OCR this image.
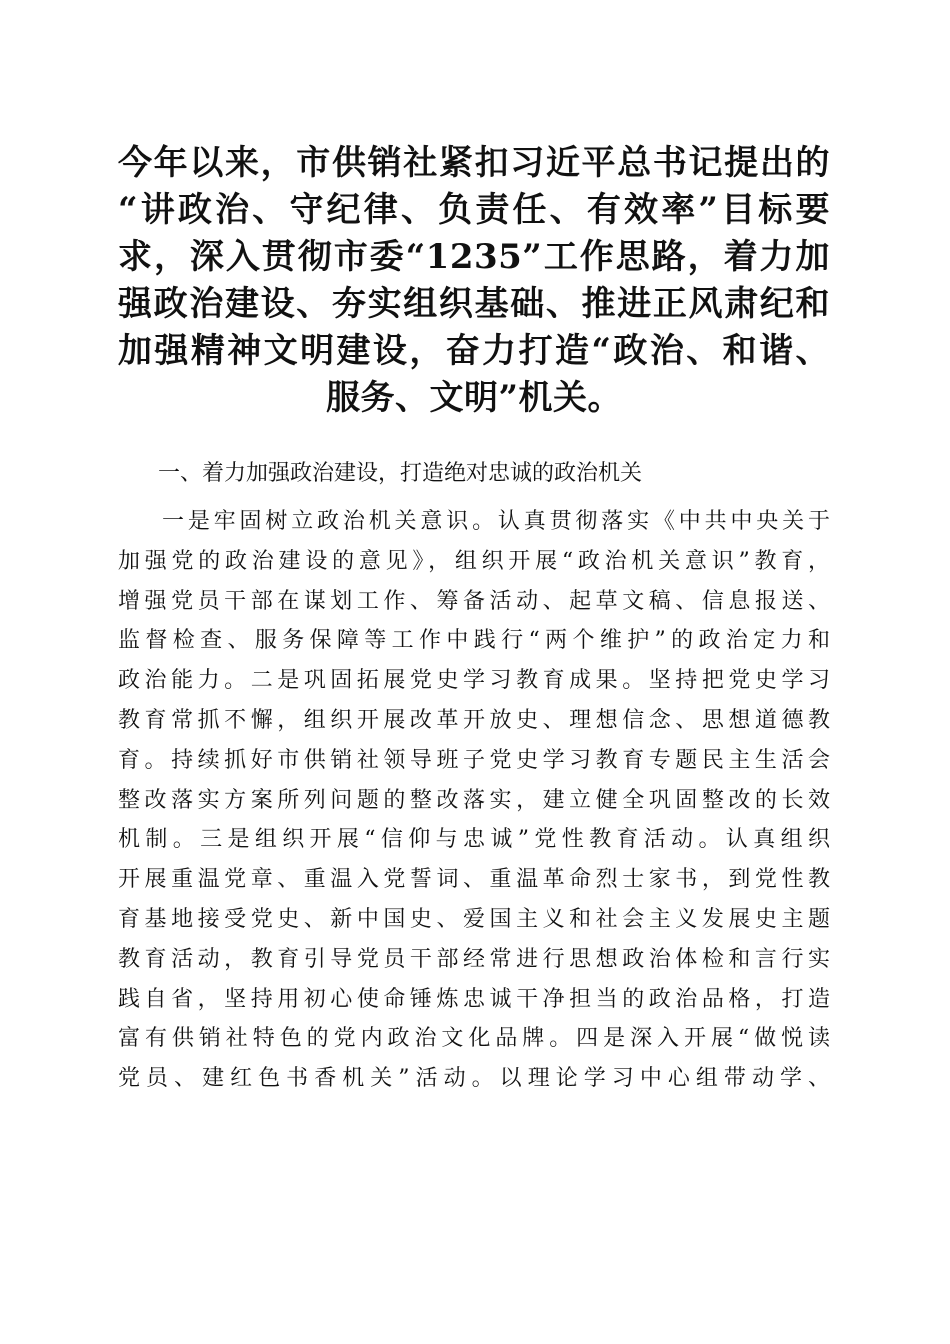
今年以来，市供销社紧扣习近平总书记提出的
“讲政治、守纪律、负责任、有效率”目标要
求，深入贯彻市委“1235”工作思路，着力加
强政治建设、夯实组织基础、推进正风肃纪和
加强精神文明建设，奋力打造“政治、和谐、
服务、文明”机关。
一、着力加强政治建设，打造绝对忠诚的政治机关
一是牢固树立政治机关意识。认真贯彻落实《中共中央关于
加强党的政治建设的意见》，组织开展“政治机关意识”教育，
增强党员干部在谋划工作、筹备活动、起草文稿、信息报送、
监督检查、服务保障等工作中践行“两个维护”的政治定力和
政治能力。二是巩固拓展党史学习教育成果。坚持把党史学习
教育常抓不懈，组织开展改革开放史、理想信念、思想道德教
育。持续抓好市供销社领导班子党史学习教育专题民主生活会
整改落实方案所列问题的整改落实，建立健全巩固整改的长效
机制。三是组织开展“信仰与忠诚”党性教育活动。认真组织
开展重温党章、重温入党誓词、重温革命烈士家书，到党性教
育基地接受党史、新中国史、爱国主义和社会主义发展史主题
教育活动，教育引导党员干部经常进行思想政治体检和言行实
践自省，坚持用初心使命锤炼忠诚干净担当的政治品格，打造
富有供销社特色的党内政治文化品牌。四是深入开展“做悦读
党员、建红色书香机关”活动。以理论学习中心组带动学、
